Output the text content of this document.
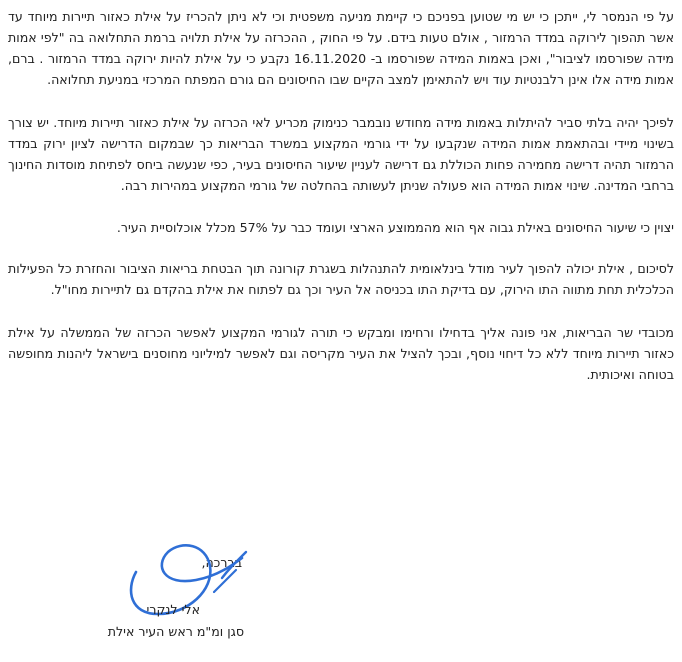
על פי הנמסר לי, ייתכן כי יש מי שטוען בפניכם כי קיימת מניעה משפטית וכי לא ניתן להכריז על אילת כאזור תיירות מיוחד עד אשר תהפוך לירוקה במדד הרמזור , אולם טעות בידם. על פי החוק , ההכרזה על אילת תלויה ברמת התחלואה בה "לפי אמות מידה שפורסמו לציבור", ואכן באמות המידה שפורסמו ב- 16.11.2020 נקבע כי על אילת להיות ירוקה במדד הרמזור . ברם, אמות מידה אלו אינן רלבנטיות עוד ויש להתאימן למצב הקיים שבו החיסונים הם גורם המפתח המרכזי במניעת תחלואה.

לפיכך יהיה בלתי סביר להיתלות באמות מידה מחודש נובמבר כנימוק מכריע לאי הכרזה על אילת כאזור תיירות מיוחד. יש צורך בשינוי מיידי ובהתאמת אמות המידה שנקבעו על ידי גורמי המקצוע במשרד הבריאות כך שבמקום הדרישה לציון ירוק במדד הרמזור תהיה דרישה מחמירה פחות הכוללת גם דרישה לעניין שיעור החיסונים בעיר, כפי שנעשה ביחס לפתיחת מוסדות החינוך ברחבי המדינה. שינוי אמות המידה הוא פעולה שניתן לעשותה בהחלטה של גורמי המקצוע במהירות רבה.

יצוין כי שיעור החיסונים באילת גבוה אף הוא מהממוצע הארצי ועומד כבר על 57% מכלל אוכלוסיית העיר.

לסיכום , אילת יכולה להפוך לעיר מודל בינלאומית להתנהלות בשגרת קורונה תוך הבטחת בריאות הציבור והחזרת כל הפעילות הכלכלית תחת מתווה התו הירוק, עם בדיקת התו בכניסה אל העיר וכך גם לפתוח את אילת בהקדם גם לתיירות מחו"ל.

מכובדי שר הבריאות, אני פונה אליך בדחילו ורחימו ומבקש כי תורה לגורמי המקצוע לאפשר הכרזה של הממשלה על אילת כאזור תיירות מיוחד ללא כל דיחוי נוסף, ובכך להציל את העיר מקריסה וגם לאפשר למיליוני מחוסנים בישראל ליהנות מחופשה בטוחה ואיכותית.

בברכה,
אלי לנקרי
סגן ומ"מ ראש העיר אילת
